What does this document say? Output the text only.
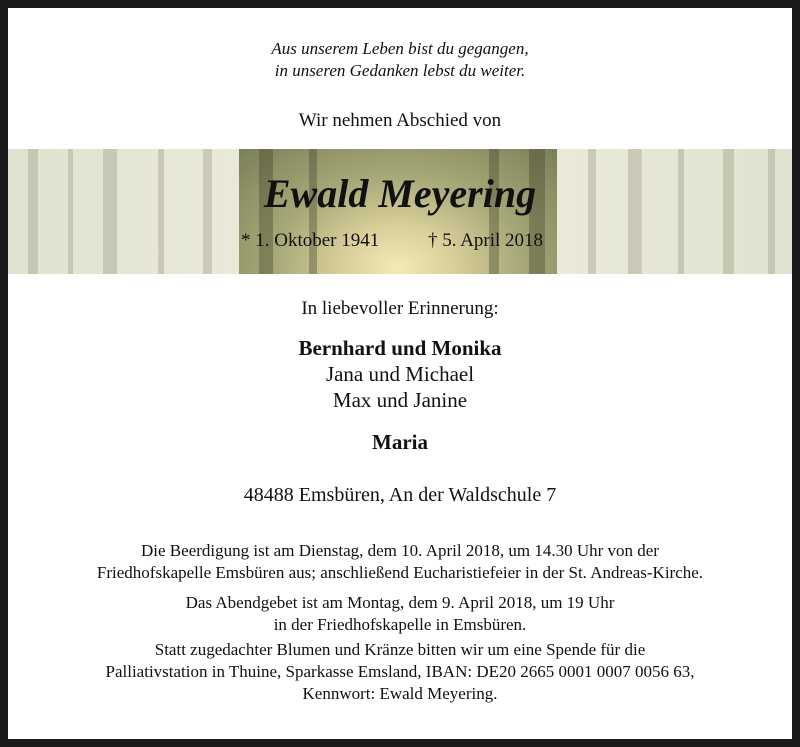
Aus unserem Leben bist du gegangen,
in unseren Gedanken lebst du weiter.
Wir nehmen Abschied von
Ewald Meyering
* 1. Oktober 1941	† 5. April 2018
In liebevoller Erinnerung:
Bernhard und Monika
Jana und Michael
Max und Janine
Maria
48488 Emsbüren, An der Waldschule 7
Die Beerdigung ist am Dienstag, dem 10. April 2018, um 14.30 Uhr von der
Friedhofskapelle Emsbüren aus; anschließend Eucharistiefeier in der St. Andreas-Kirche.
Das Abendgebet ist am Montag, dem 9. April 2018, um 19 Uhr
in der Friedhofskapelle in Emsbüren.
Statt zugedachter Blumen und Kränze bitten wir um eine Spende für die
Palliativstation in Thuine, Sparkasse Emsland, IBAN: DE20 2665 0001 0007 0056 63,
Kennwort: Ewald Meyering.
